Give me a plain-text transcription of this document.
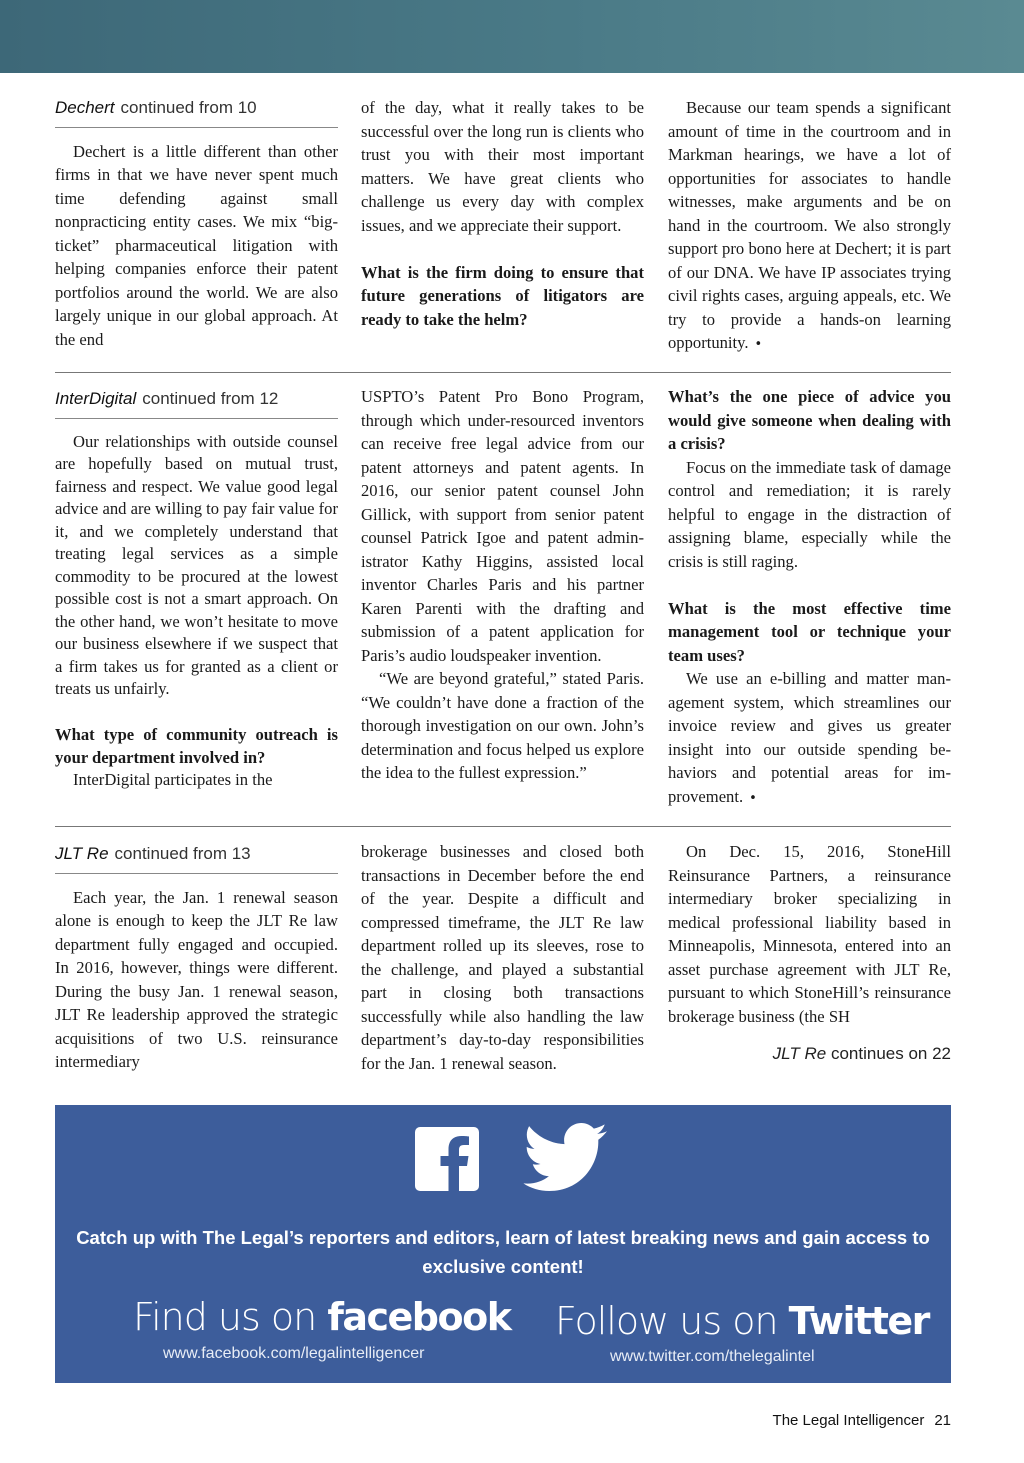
Dechert continued from 10

Dechert is a little different than other firms in that we have never spent much time defending against small nonpracticing entity cases. We mix “big-ticket” pharmaceutical litigation with helping companies enforce their patent portfolios around the world. We are also largely unique in our global approach. At the end

of the day, what it really takes to be successful over the long run is clients who trust you with their most important matters. We have great clients who challenge us every day with complex issues, and we appreciate their support.

What is the firm doing to ensure that future generations of litigators are ready to take the helm?

Because our team spends a significant amount of time in the courtroom and in Markman hearings, we have a lot of opportunities for associates to handle witnesses, make arguments and be on hand in the courtroom. We also strongly support pro bono here at Dechert; it is part of our DNA. We have IP associates trying civil rights cases, arguing appeals, etc. We try to provide a hands-on learning opportunity. •

InterDigital continued from 12

Our relationships with outside counsel are hopefully based on mutual trust, fairness and respect. We value good legal advice and are willing to pay fair value for it, and we completely understand that treating legal services as a simple commodity to be procured at the lowest possible cost is not a smart approach. On the other hand, we won’t hesitate to move our business elsewhere if we suspect that a firm takes us for granted as a client or treats us unfairly.

What type of community outreach is your department involved in?

InterDigital participates in the

USPTO’s Patent Pro Bono Program, through which under-resourced inventors can receive free legal advice from our patent attorneys and patent agents. In 2016, our senior patent counsel John Gillick, with support from senior patent counsel Patrick Igoe and patent administrator Kathy Higgins, assisted local inventor Charles Paris and his partner Karen Parenti with the drafting and submission of a patent application for Paris’s audio loudspeaker invention.

“We are beyond grateful,” stated Paris. “We couldn’t have done a fraction of the thorough investigation on our own. John’s determination and focus helped us explore the idea to the fullest expression.”

What’s the one piece of advice you would give someone when dealing with a crisis?

Focus on the immediate task of damage control and remediation; it is rarely helpful to engage in the distraction of assigning blame, especially while the crisis is still raging.

What is the most effective time management tool or technique your team uses?

We use an e-billing and matter management system, which streamlines our invoice review and gives us greater insight into our outside spending behaviors and potential areas for improvement. •

JLT Re continued from 13

Each year, the Jan. 1 renewal season alone is enough to keep the JLT Re law department fully engaged and occupied. In 2016, however, things were different. During the busy Jan. 1 renewal season, JLT Re leadership approved the strategic acquisitions of two U.S. reinsurance intermediary

brokerage businesses and closed both transactions in December before the end of the year. Despite a difficult and compressed timeframe, the JLT Re law department rolled up its sleeves, rose to the challenge, and played a substantial part in closing both transactions successfully while also handling the law department’s day-to-day responsibilities for the Jan. 1 renewal season.

On Dec. 15, 2016, StoneHill Reinsurance Partners, a reinsurance intermediary broker specializing in medical professional liability based in Minneapolis, Minnesota, entered into an asset purchase agreement with JLT Re, pursuant to which StoneHill’s reinsurance brokerage business (the SH

JLT Re continues on 22
Catch up with The Legal’s reporters and editors, learn of latest breaking news and gain access to exclusive content!
Find us on facebook
www.facebook.com/legalintelligencer
Follow us on Twitter
www.twitter.com/thelegalintel
The Legal Intelligencer 21
